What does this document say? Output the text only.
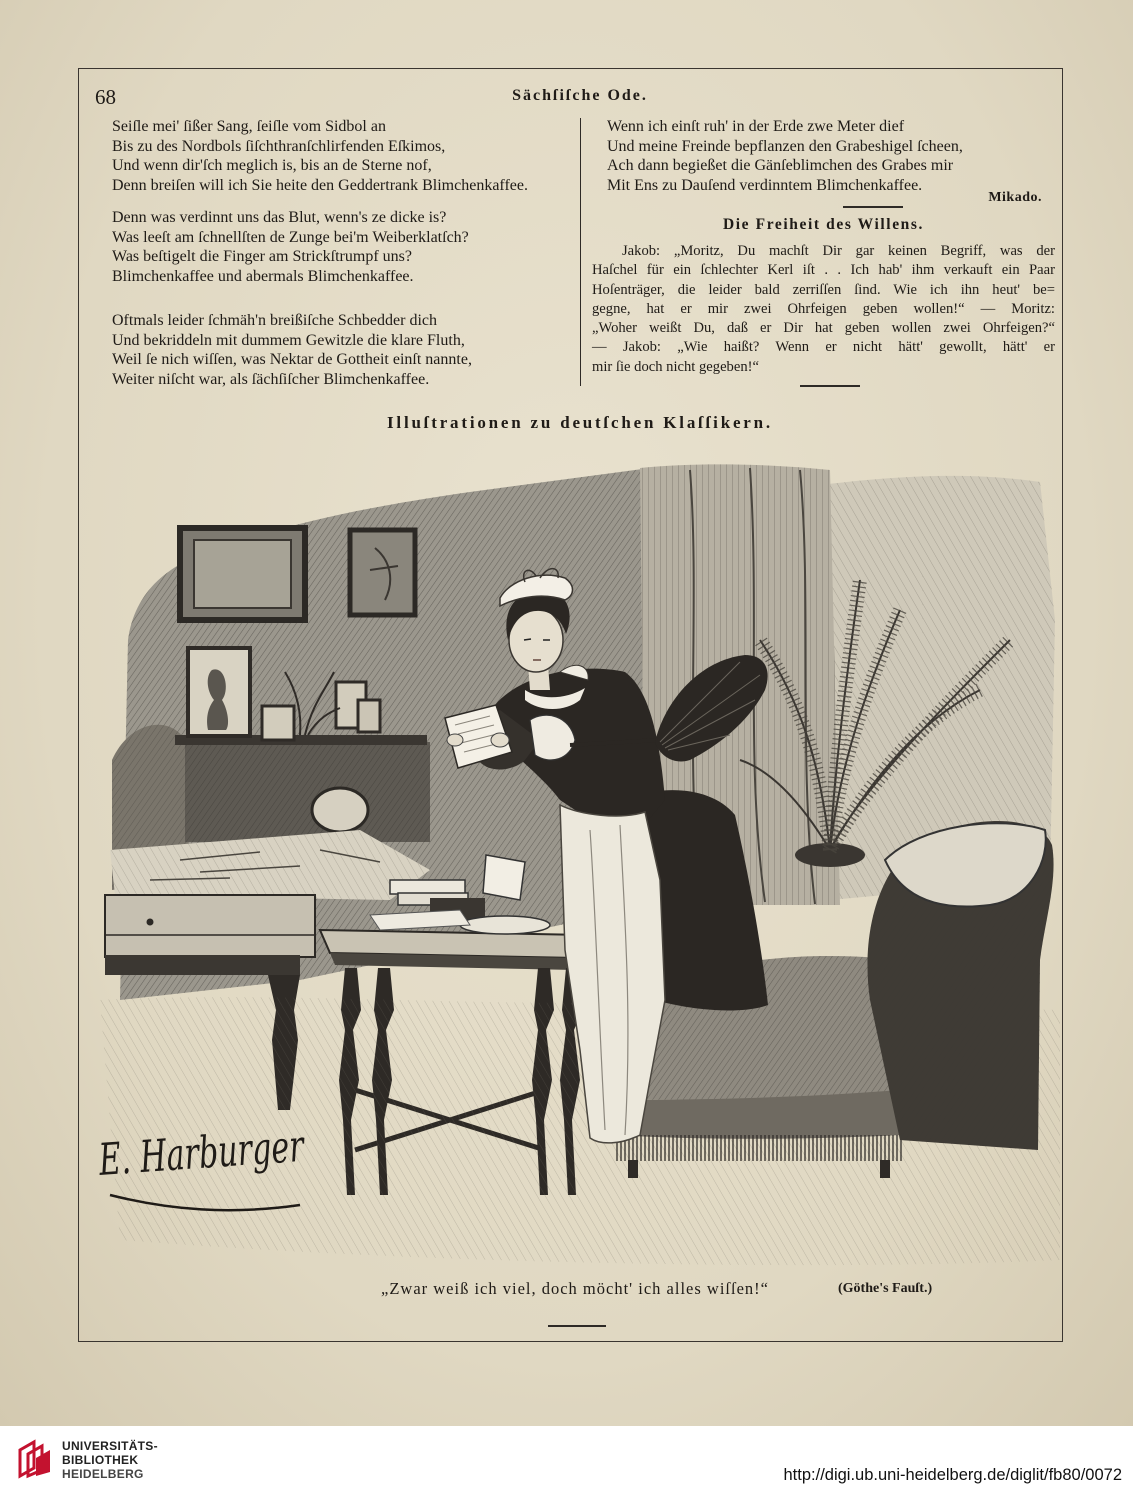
68	Sächſiſche Ode.
Seiſle mei' ſißer Sang, ſeiſle vom Sidbol an
Bis zu des Nordbols ſiſchthranſchlirfenden Eſkimos,
Und wenn dir'ſch meglich is, bis an de Sterne nof,
Denn breiſen will ich Sie heite den Geddertrank Blimchenkaffee.
Denn was verdinnt uns das Blut, wenn's ze dicke is?
Was leeſt am ſchnellſten de Zunge bei'm Weiberklatſch?
Was beſtigelt die Finger am Strickſtrumpf uns?
Blimchenkaffee und abermals Blimchenkaffee.
Oftmals leider ſchmäh'n breißiſche Schbedder dich
Und bekriddeln mit dummem Gewitzle die klare Fluth,
Weil ſe nich wiſſen, was Nektar de Gottheit einſt nannte,
Weiter niſcht war, als ſächſiſcher Blimchenkaffee.
Wenn ich einſt ruh' in der Erde zwe Meter dief
Und meine Freinde bepflanzen den Grabeshigel ſcheen,
Ach dann begießet die Gänſeblimchen des Grabes mir
Mit Ens zu Dauſend verdinntem Blimchenkaffee.
Mikado.
Die Freiheit des Willens.
Jakob: „Moritz, Du machſt Dir gar keinen Begriff, was der
Haſchel für ein ſchlechter Kerl iſt . . Ich hab' ihm verkauft ein Paar
Hoſenträger, die leider bald zerriſſen ſind. Wie ich ihn heut' be=
gegne, hat er mir zwei Ohrfeigen geben wollen!“ — Moritz:
„Woher weißt Du, daß er Dir hat geben wollen zwei Ohrfeigen?“
— Jakob: „Wie haißt? Wenn er nicht hätt' gewollt, hätt' er
mir ſie doch nicht gegeben!“
Illuſtrationen zu deutſchen Klaſſikern.
E. Harburger
„Zwar weiß ich viel, doch möcht' ich alles wiſſen!“	(Göthe's Fauſt.)
UNIVERSITÄTS-
BIBLIOTHEK
HEIDELBERG	http://digi.ub.uni-heidelberg.de/diglit/fb80/0072
